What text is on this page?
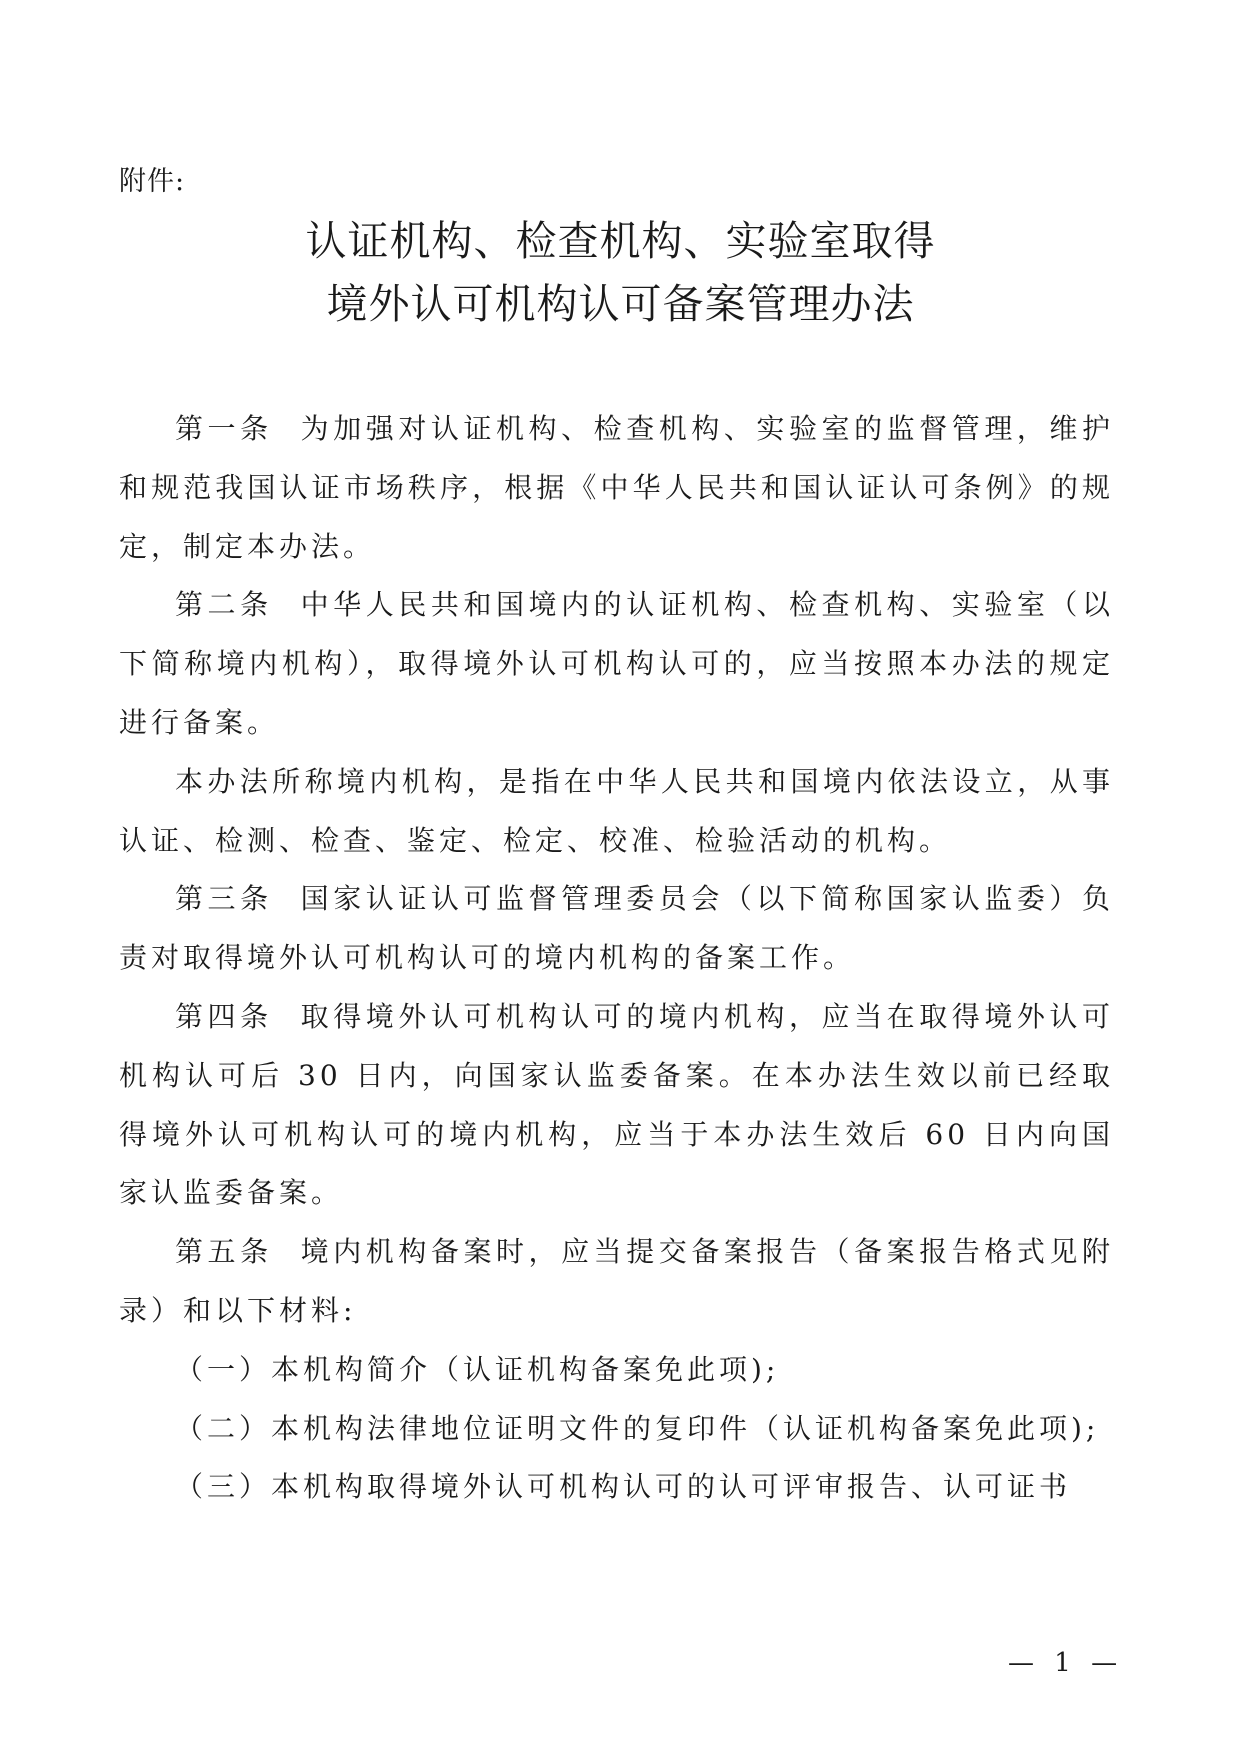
附件:
认证机构、检查机构、实验室取得
境外认可机构认可备案管理办法

第一条 为加强对认证机构、检查机构、实验室的监督管理，维护和规范我国认证市场秩序，根据《中华人民共和国认证认可条例》的规定，制定本办法。

第二条 中华人民共和国境内的认证机构、检查机构、实验室（以下简称境内机构），取得境外认可机构认可的，应当按照本办法的规定进行备案。

本办法所称境内机构，是指在中华人民共和国境内依法设立，从事认证、检测、检查、鉴定、检定、校准、检验活动的机构。

第三条 国家认证认可监督管理委员会（以下简称国家认监委）负责对取得境外认可机构认可的境内机构的备案工作。

第四条 取得境外认可机构认可的境内机构，应当在取得境外认可机构认可后 30 日内，向国家认监委备案。在本办法生效以前已经取得境外认可机构认可的境内机构，应当于本办法生效后 60 日内向国家认监委备案。

第五条 境内机构备案时，应当提交备案报告（备案报告格式见附录）和以下材料:

（一）本机构简介（认证机构备案免此项);

（二）本机构法律地位证明文件的复印件（认证机构备案免此项);

（三）本机构取得境外认可机构认可的认可评审报告、认可证书

— 1 —
